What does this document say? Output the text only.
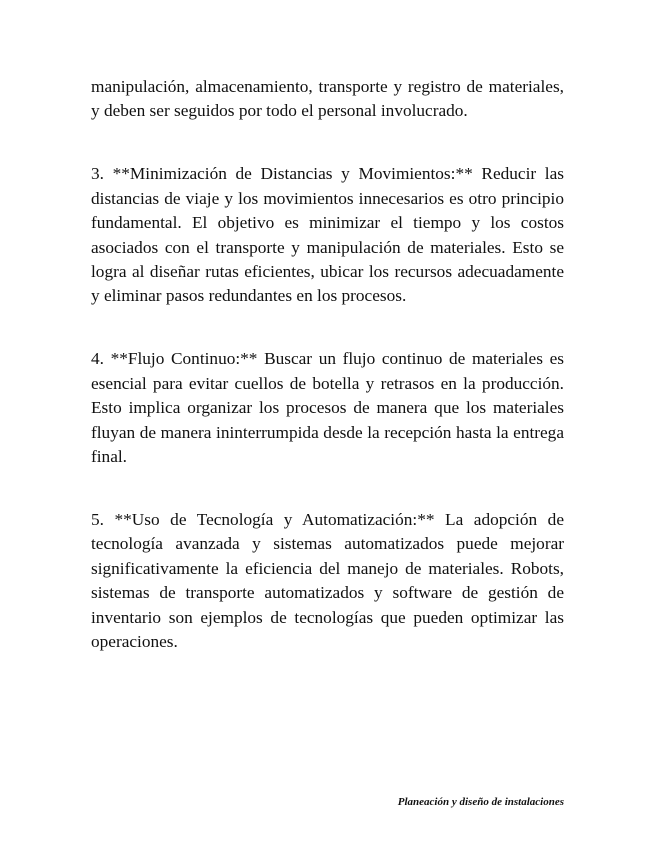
manipulación, almacenamiento, transporte y registro de materiales, y deben ser seguidos por todo el personal involucrado.

3. **Minimización de Distancias y Movimientos:** Reducir las distancias de viaje y los movimientos innecesarios es otro principio fundamental. El objetivo es minimizar el tiempo y los costos asociados con el transporte y manipulación de materiales. Esto se logra al diseñar rutas eficientes, ubicar los recursos adecuadamente y eliminar pasos redundantes en los procesos.

4. **Flujo Continuo:** Buscar un flujo continuo de materiales es esencial para evitar cuellos de botella y retrasos en la producción. Esto implica organizar los procesos de manera que los materiales fluyan de manera ininterrumpida desde la recepción hasta la entrega final.

5. **Uso de Tecnología y Automatización:** La adopción de tecnología avanzada y sistemas automatizados puede mejorar significativamente la eficiencia del manejo de materiales. Robots, sistemas de transporte automatizados y software de gestión de inventario son ejemplos de tecnologías que pueden optimizar las operaciones.

Planeación y diseño de instalaciones
